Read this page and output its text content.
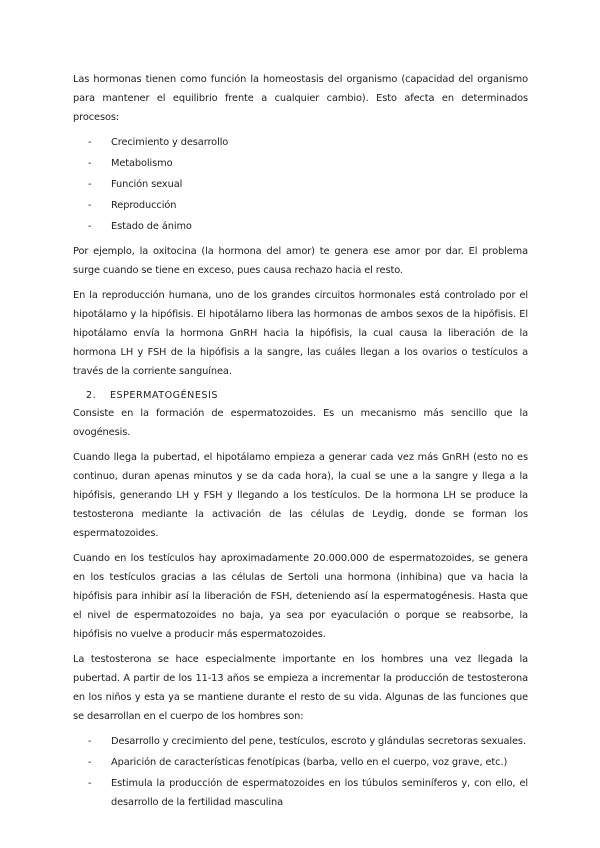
Las hormonas tienen como función la homeostasis del organismo (capacidad del organismo para mantener el equilibrio frente a cualquier cambio). Esto afecta en determinados procesos:

- Crecimiento y desarrollo
- Metabolismo
- Función sexual
- Reproducción
- Estado de ánimo

Por ejemplo, la oxitocina (la hormona del amor) te genera ese amor por dar. El problema surge cuando se tiene en exceso, pues causa rechazo hacia el resto.

En la reproducción humana, uno de los grandes circuitos hormonales está controlado por el hipotálamo y la hipófisis. El hipotálamo libera las hormonas de ambos sexos de la hipófisis. El hipotálamo envía la hormona GnRH hacia la hipófisis, la cual causa la liberación de la hormona LH y FSH de la hipófisis a la sangre, las cuáles llegan a los ovarios o testículos a través de la corriente sanguínea.

2.	ESPERMATOGÉNESIS

Consiste en la formación de espermatozoides. Es un mecanismo más sencillo que la ovogénesis.

Cuando llega la pubertad, el hipotálamo empieza a generar cada vez más GnRH (esto no es continuo, duran apenas minutos y se da cada hora), la cual se une a la sangre y llega a la hipófisis, generando LH y FSH y llegando a los testículos. De la hormona LH se produce la testosterona mediante la activación de las células de Leydig, donde se forman los espermatozoides.

Cuando en los testículos hay aproximadamente 20.000.000 de espermatozoides, se genera en los testículos gracias a las células de Sertoli una hormona (inhibina) que va hacia la hipófisis para inhibir así la liberación de FSH, deteniendo así la espermatogénesis. Hasta que el nivel de espermatozoides no baja, ya sea por eyaculación o porque se reabsorbe, la hipófisis no vuelve a producir más espermatozoides.

La testosterona se hace especialmente importante en los hombres una vez llegada la pubertad. A partir de los 11-13 años se empieza a incrementar la producción de testosterona en los niños y esta ya se mantiene durante el resto de su vida. Algunas de las funciones que se desarrollan en el cuerpo de los hombres son:

- Desarrollo y crecimiento del pene, testículos, escroto y glándulas secretoras sexuales.
- Aparición de características fenotípicas (barba, vello en el cuerpo, voz grave, etc.)
- Estimula la producción de espermatozoides en los túbulos seminíferos y, con ello, el desarrollo de la fertilidad masculina
